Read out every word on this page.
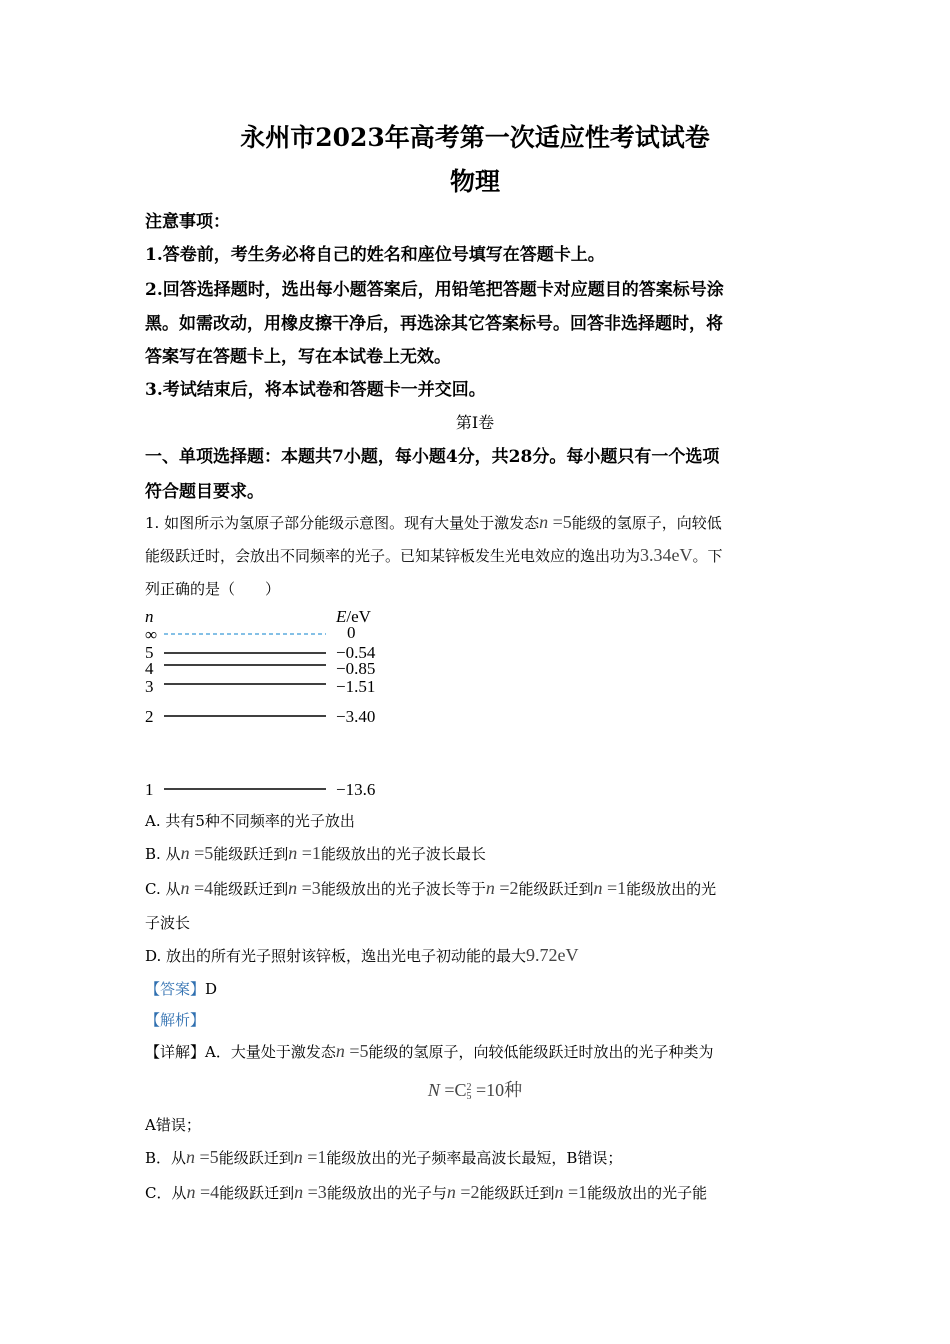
永州市2023年高考第一次适应性考试试卷
物理
注意事项：
1.答卷前，考生务必将自己的姓名和座位号填写在答题卡上。
2.回答选择题时，选出每小题答案后，用铅笔把答题卡对应题目的答案标号涂
黑。如需改动，用橡皮擦干净后，再选涂其它答案标号。回答非选择题时，将
答案写在答题卡上，写在本试卷上无效。
3.考试结束后，将本试卷和答题卡一并交回。
第Ⅰ卷
一、单项选择题：本题共7小题，每小题4分，共28分。每小题只有一个选项
符合题目要求。
1. 如图所示为氢原子部分能级示意图。现有大量处于激发态n =5能级的氢原子，向较低
能级跃迁时，会放出不同频率的光子。已知某锌板发生光电效应的逸出功为3.34eV。下
列正确的是（　　）
n	E/eV
∞	0
5	−0.54
4	−0.85
3	−1.51
2	−3.40
1	−13.6
A. 共有5种不同频率的光子放出
B. 从n =5能级跃迁到n =1能级放出的光子波长最长
C. 从n =4能级跃迁到n =3能级放出的光子波长等于n =2能级跃迁到n =1能级放出的光
子波长
D. 放出的所有光子照射该锌板，逸出光电子初动能的最大9.72eV
【答案】D
【解析】
【详解】A．大量处于激发态n =5能级的氢原子，向较低能级跃迁时放出的光子种类为
N =C 2
5 =10种
A错误；
B．从n =5能级跃迁到n =1能级放出的光子频率最高波长最短，B错误；
C．从n =4能级跃迁到n =3能级放出的光子与n =2能级跃迁到n =1能级放出的光子能
